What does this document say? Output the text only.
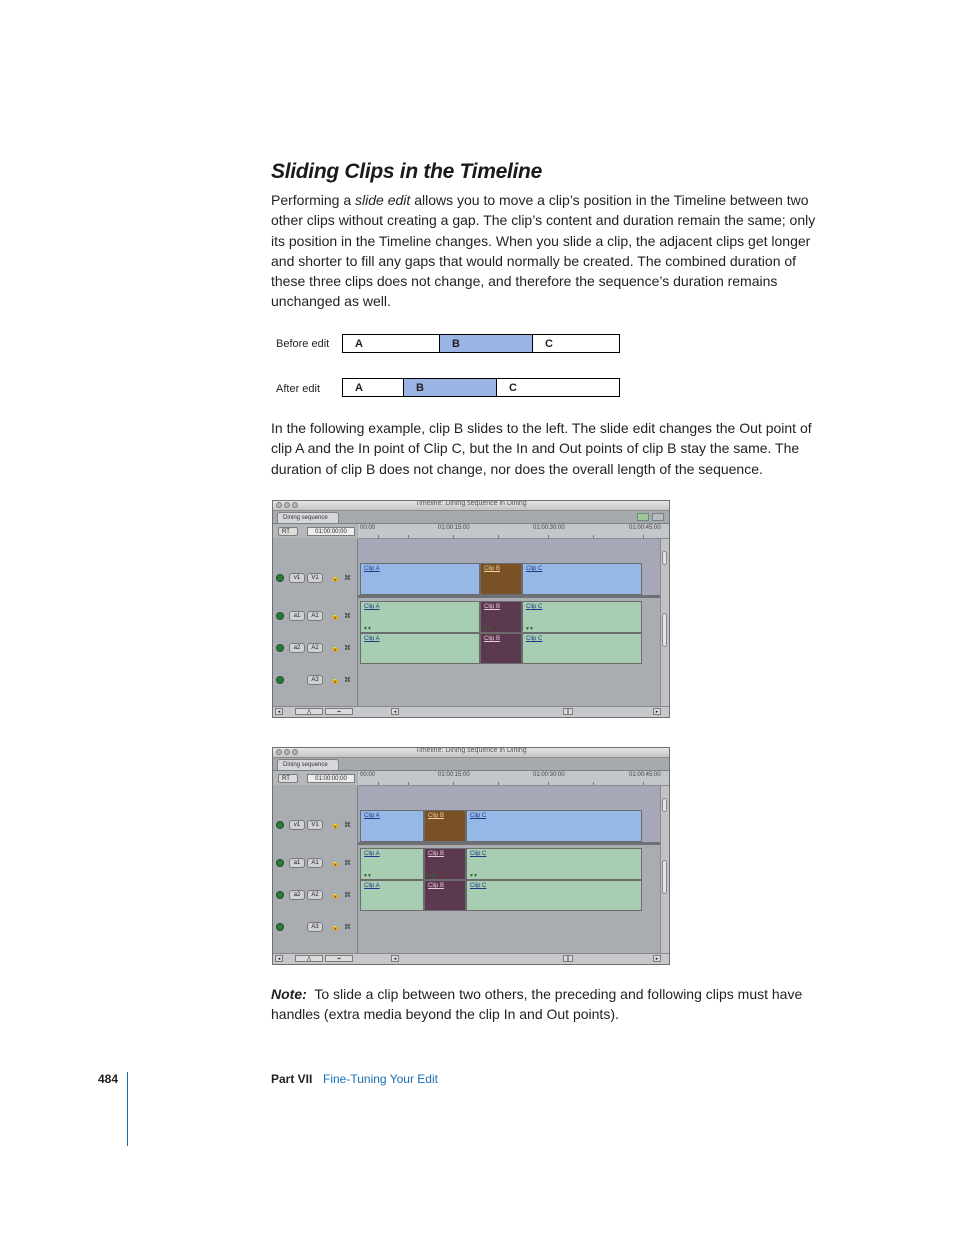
Sliding Clips in the Timeline

Performing a slide edit allows you to move a clip’s position in the Timeline between two other clips without creating a gap. The clip’s content and duration remain the same; only its position in the Timeline changes. When you slide a clip, the adjacent clips get longer and shorter to fill any gaps that would normally be created. The combined duration of these three clips does not change, and therefore the sequence’s duration remains unchanged as well.

Before edit	A	B	C
After edit	A	B	C

In the following example, clip B slides to the left. The slide edit changes the Out point of clip A and the In point of Clip C, but the In and Out points of clip B stay the same. The duration of clip B does not change, nor does the overall length of the sequence.

Timeline: Dining sequence in Dining
Dining sequence
RT	01:00:00;00
00:00	01:00:15:00	01:00:30:00	01:00:45:00
v1	V1	🔒 ⌘
a1	A1	🔒 ⌘
a2	A2	🔒 ⌘
A3	🔒 ⌘
Clip A	Clip B	Clip C
Clip A	Clip B	Clip C
Clip A	Clip B	Clip C
▼▼	▼▼	▼▼
◂	⋀	▪▪	◂	||	▸
Timeline: Dining sequence in Dining
Dining sequence
RT	01:00:00;00
00:00	01:00:15:00	01:00:30:00	01:00:45:00
v1	V1	🔒 ⌘
a1	A1	🔒 ⌘
a2	A2	🔒 ⌘
A3	🔒 ⌘
Clip A	Clip B	Clip C
Clip A	Clip B	Clip C
Clip A	Clip B	Clip C
▼▼	▼▼	▼▼
◂	⋀	▪▪	◂	||	▸

Note: To slide a clip between two others, the preceding and following clips must have handles (extra media beyond the clip In and Out points).

484	Part VII Fine-Tuning Your Edit
